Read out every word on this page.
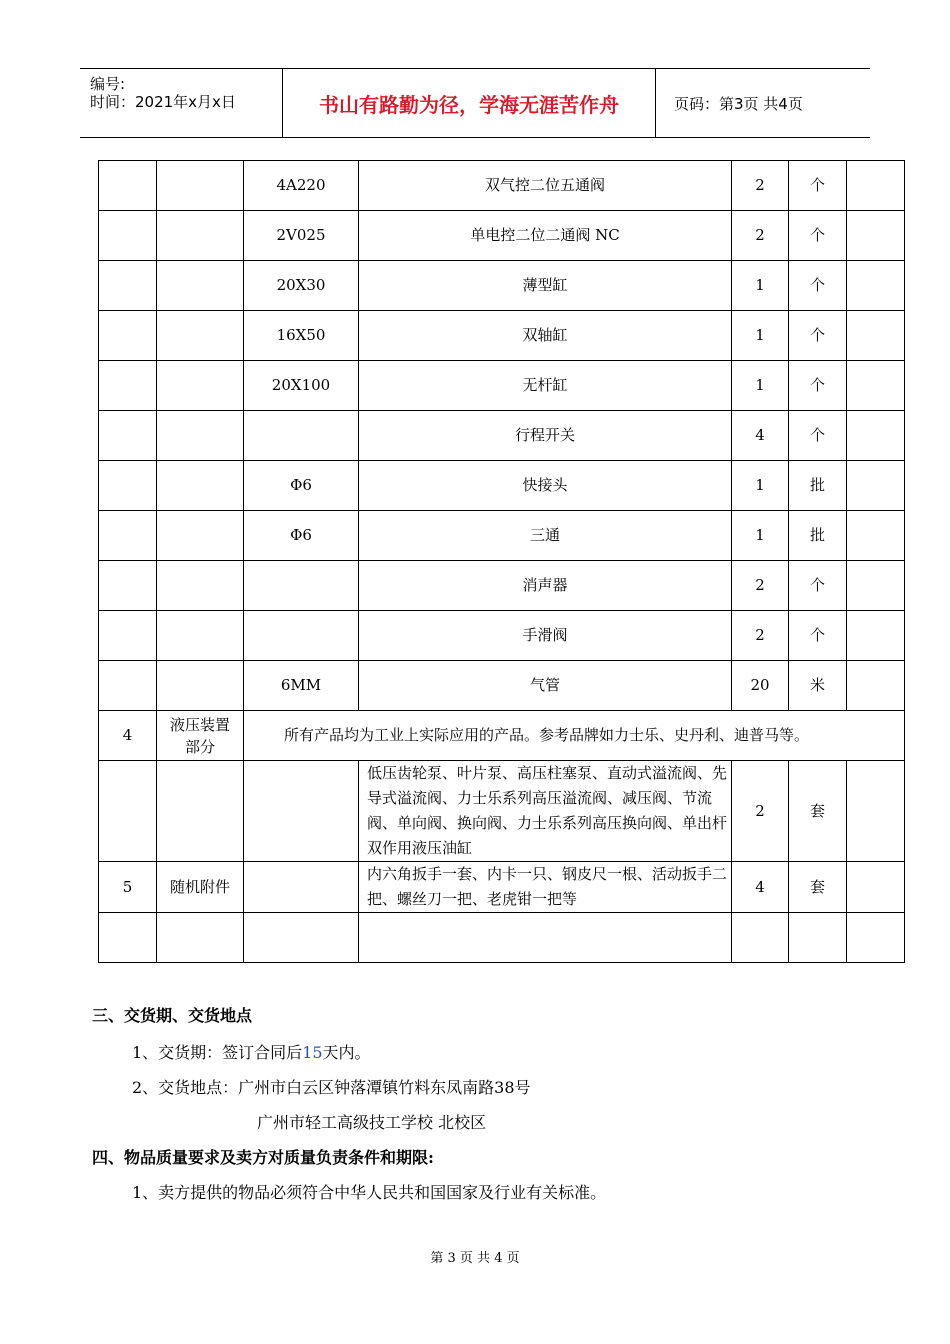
编号:
时间：2021年x月x日	书山有路勤为径，学海无涯苦作舟	页码：第3页 共4页
		4A220	双气控二位五通阀	2	个	
		2V025	单电控二位二通阀 NC	2	个	
		20X30	薄型缸	1	个	
		16X50	双轴缸	1	个	
		20X100	无杆缸	1	个	
			行程开关	4	个	
		Φ6	快接头	1	批	
		Φ6	三通	1	批	
			消声器	2	个	
			手滑阀	2	个	
		6MM	气管	20	米	
4	液压装置部分	所有产品均为工业上实际应用的产品。参考品牌如力士乐、史丹利、迪普马等。				
			低压齿轮泵、叶片泵、高压柱塞泵、直动式溢流阀、先导式溢流阀、力士乐系列高压溢流阀、减压阀、节流阀、单向阀、换向阀、力士乐系列高压换向阀、单出杆双作用液压油缸	2	套	
5	随机附件		内六角扳手一套、内卡一只、钢皮尺一根、活动扳手二把、螺丝刀一把、老虎钳一把等	4	套	

三、交货期、交货地点
1、交货期：签订合同后15天内。
2、交货地点：广州市白云区钟落潭镇竹料东凤南路38号
广州市轻工高级技工学校 北校区
四、物品质量要求及卖方对质量负责条件和期限:
1、卖方提供的物品必须符合中华人民共和国国家及行业有关标准。
第 3 页 共 4 页
